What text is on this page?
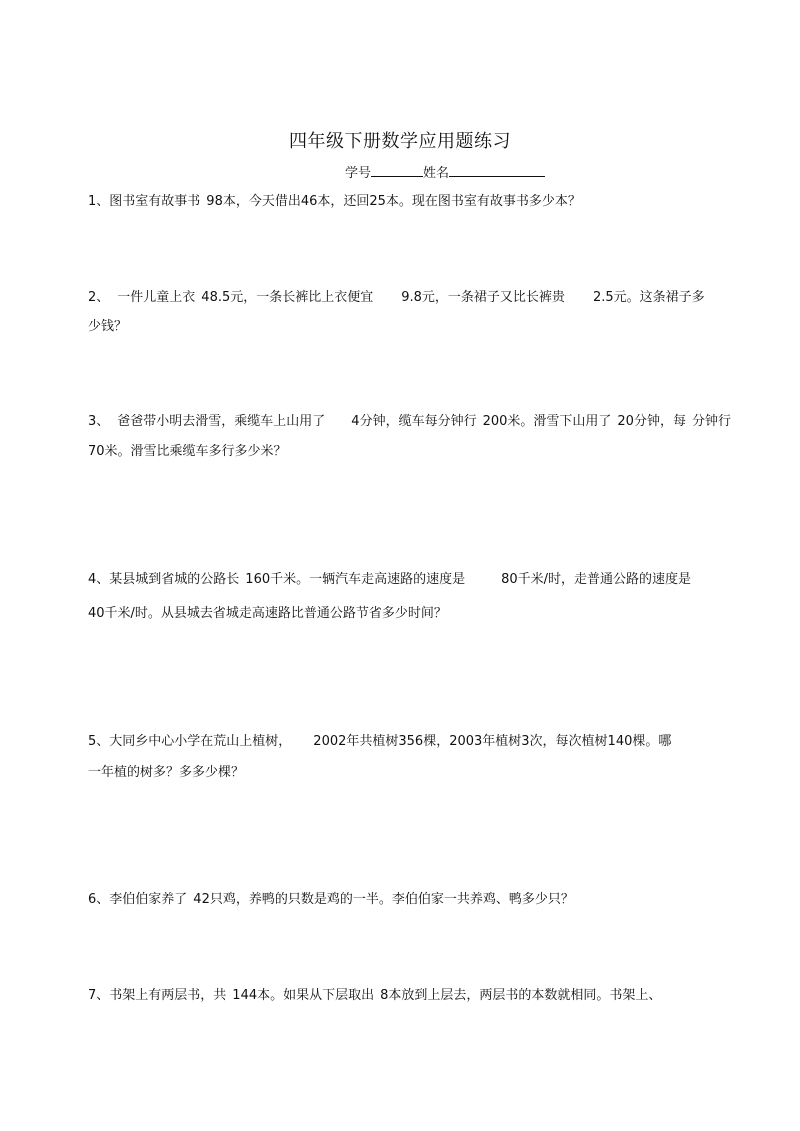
四年级下册数学应用题练习
学号	姓名
1、图书室有故事书 98本，今天借出46本，还回25本。现在图书室有故事书多少本？
2、 一件儿童上衣 48.5元，一条长裤比上衣便宜 9.8元，一条裙子又比长裤贵 2.5元。这条裙子多
少钱？
3、 爸爸带小明去滑雪，乘缆车上山用了 4分钟，缆车每分钟行 200米。滑雪下山用了 20分钟，每 分钟行
70米。滑雪比乘缆车多行多少米？
4、某县城到省城的公路长 160千米。一辆汽车走高速路的速度是	80千米/时，走普通公路的速度是
40千米/时。从县城去省城走高速路比普通公路节省多少时间？
5、大同乡中心小学在荒山上植树， 2002年共植树356棵，2003年植树3次，每次植树140棵。哪
一年植的树多？多多少棵？
6、李伯伯家养了 42只鸡，养鸭的只数是鸡的一半。李伯伯家一共养鸡、鸭多少只？
7、书架上有两层书，共 144本。如果从下层取出 8本放到上层去，两层书的本数就相同。书架上、
